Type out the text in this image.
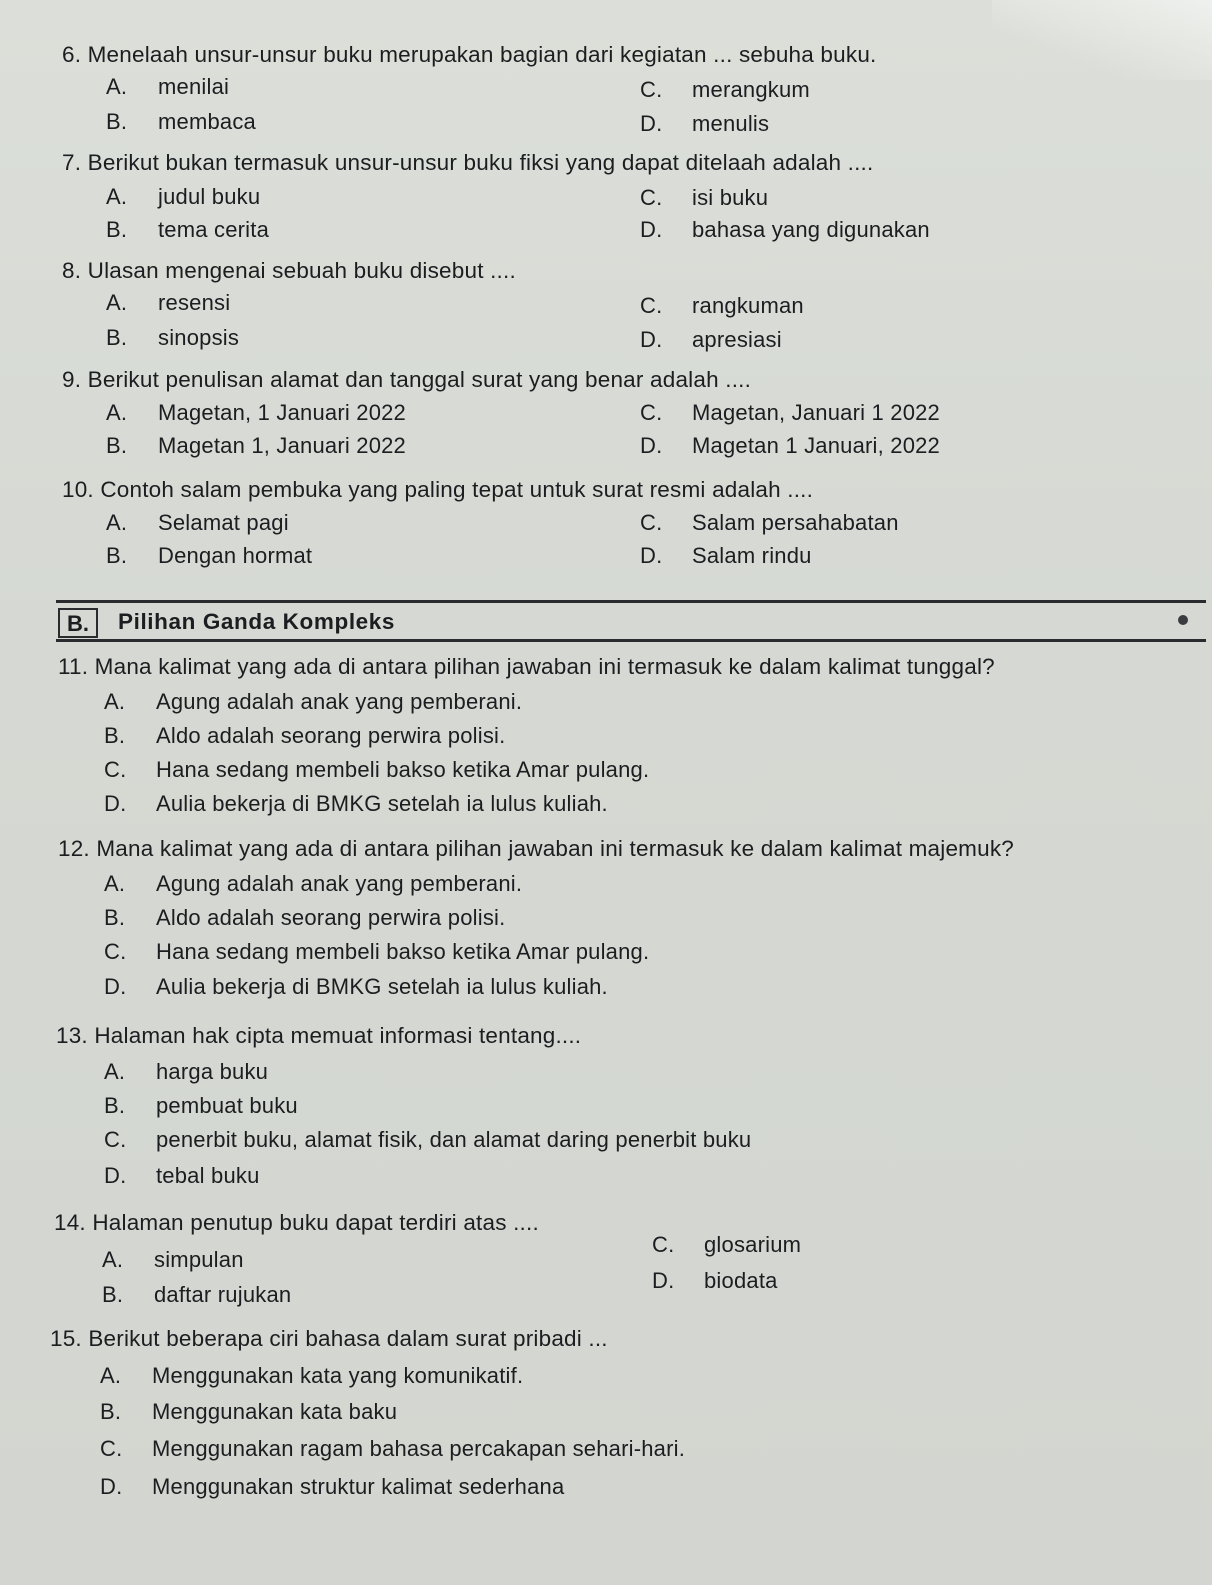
6. Menelaah unsur-unsur buku merupakan bagian dari kegiatan ... sebuha buku.
A. menilai
B. membaca
C. merangkum
D. menulis
7. Berikut bukan termasuk unsur-unsur buku fiksi yang dapat ditelaah adalah ....
A. judul buku
B. tema cerita
C. isi buku
D. bahasa yang digunakan
8. Ulasan mengenai sebuah buku disebut ....
A. resensi
B. sinopsis
C. rangkuman
D. apresiasi
9. Berikut penulisan alamat dan tanggal surat yang benar adalah ....
A. Magetan, 1 Januari 2022
B. Magetan 1, Januari 2022
C. Magetan, Januari 1 2022
D. Magetan 1 Januari, 2022
10. Contoh salam pembuka yang paling tepat untuk surat resmi adalah ....
A. Selamat pagi
B. Dengan hormat
C. Salam persahabatan
D. Salam rindu
B.	Pilihan Ganda Kompleks
11. Mana kalimat yang ada di antara pilihan jawaban ini termasuk ke dalam kalimat tunggal?
A. Agung adalah anak yang pemberani.
B. Aldo adalah seorang perwira polisi.
C. Hana sedang membeli bakso ketika Amar pulang.
D. Aulia bekerja di BMKG setelah ia lulus kuliah.
12. Mana kalimat yang ada di antara pilihan jawaban ini termasuk ke dalam kalimat majemuk?
A. Agung adalah anak yang pemberani.
B. Aldo adalah seorang perwira polisi.
C. Hana sedang membeli bakso ketika Amar pulang.
D. Aulia bekerja di BMKG setelah ia lulus kuliah.
13. Halaman hak cipta memuat informasi tentang....
A. harga buku
B. pembuat buku
C. penerbit buku, alamat fisik, dan alamat daring penerbit buku
D. tebal buku
14. Halaman penutup buku dapat terdiri atas ....
A. simpulan
B. daftar rujukan
C. glosarium
D. biodata
15. Berikut beberapa ciri bahasa dalam surat pribadi ...
A. Menggunakan kata yang komunikatif.
B. Menggunakan kata baku
C. Menggunakan ragam bahasa percakapan sehari-hari.
D. Menggunakan struktur kalimat sederhana
